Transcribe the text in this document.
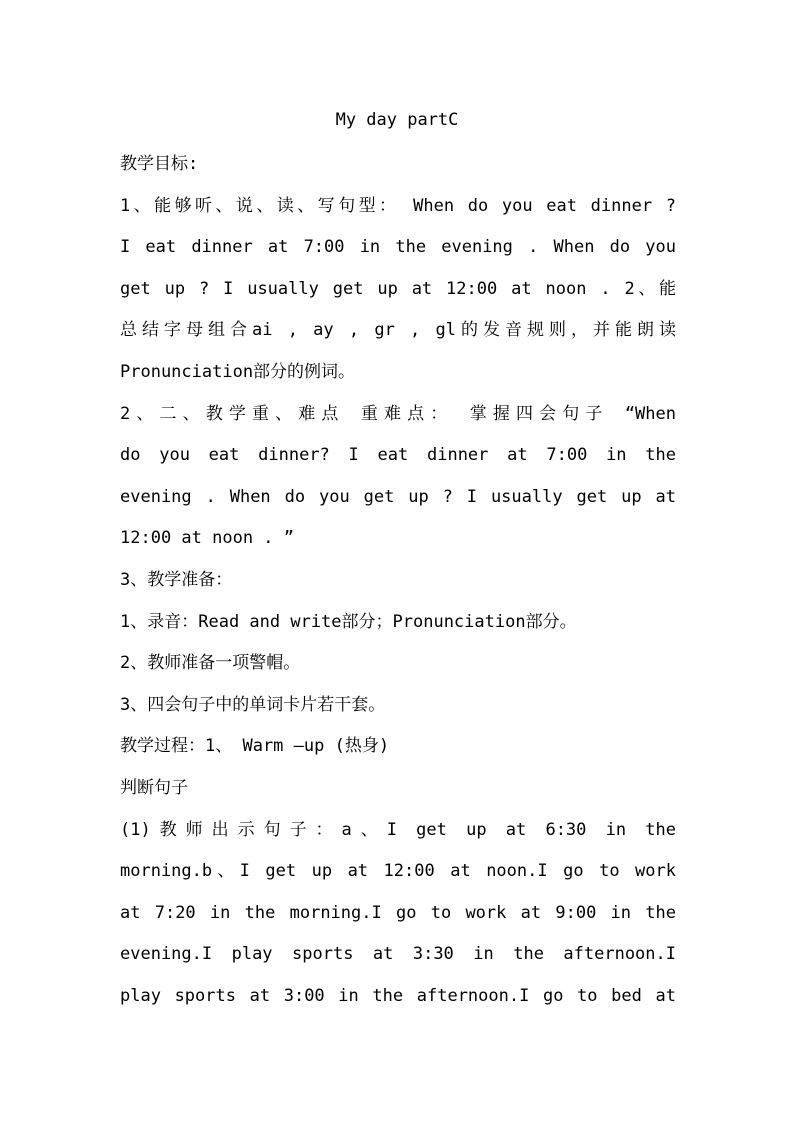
My day partC
教学目标:
1、能够听、说、读、写句型： When do you eat dinner ?
I eat dinner at 7:00 in the evening . When do you
get up ? I usually get up at 12:00 at noon . 2、能
总结字母组合ai , ay , gr , gl的发音规则，并能朗读
Pronunciation部分的例词。
2、二、教学重、难点 重难点： 掌握四会句子 “When
do you eat dinner? I eat dinner at 7:00 in the
evening . When do you get up ? I usually get up at
12:00 at noon . ”
3、教学准备：
1、录音：Read and write部分；Pronunciation部分。
2、教师准备一项警帽。
3、四会句子中的单词卡片若干套。
教学过程：1、 Warm –up (热身)
判断句子
(1)教师出示句子：a、I get up at 6:30 in the
morning.b、I get up at 12:00 at noon.I go to work
at 7:20 in the morning.I go to work at 9:00 in the
evening.I play sports at 3:30 in the afternoon.I
play sports at 3:00 in the afternoon.I go to bed at
